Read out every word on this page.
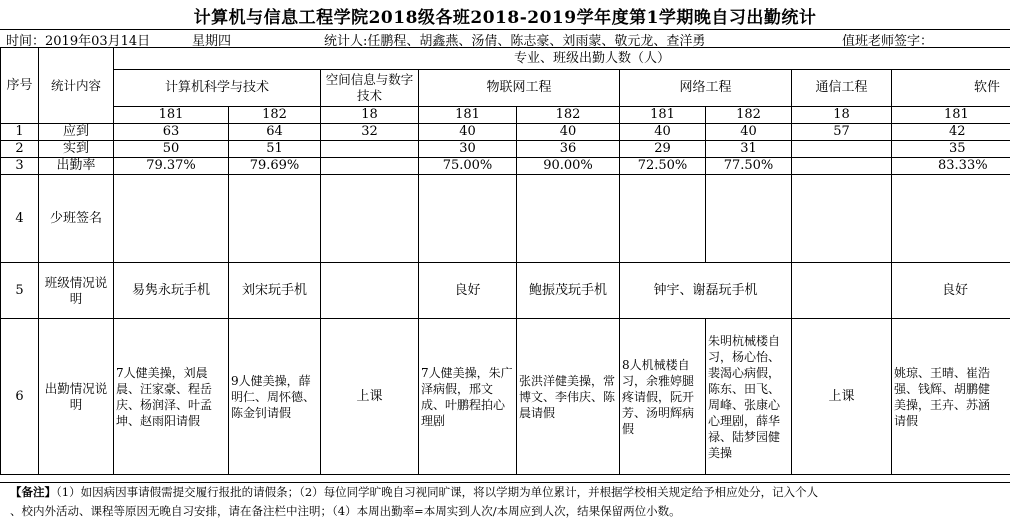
计算机与信息工程学院2018级各班2018-2019学年度第1学期晚自习出勤统计
时间：2019年03月14日	星期四	统计人:任鹏程、胡鑫燕、汤倩、陈志豪、刘雨蒙、敬元龙、查洋勇	值班老师签字：
序号	统计内容	专业、班级出勤人数（人）								
		计算机科学与技术		空间信息与数字技术	物联网工程		网络工程		通信工程	软件
		181	182	18	181	182	181	182	18	181
1	应到	63	64	32	40	40	40	40	57	42
2	实到	50	51		30	36	29	31		35
3	出勤率	79.37%	79.69%		75.00%	90.00%	72.50%	77.50%		83.33%
4	少班签名									
5	班级情况说明	易隽永玩手机	刘宋玩手机		良好	鲍振茂玩手机	钟宇、谢磊玩手机			良好
6	出勤情况说明	7人健美操，刘晨晨、汪家豪、程岳庆、杨润泽、叶孟坤、赵雨阳请假	9人健美操，薛明仁、周怀德、陈金钊请假	上课	7人健美操，朱广泽病假，邢文成、叶鹏程拍心理剧	张洪洋健美操，常博文、李伟庆、陈晨请假	8人机械楼自习，余雅婷腿疼请假，阮开芳、汤明辉病假	朱明杭械楼自习，杨心怡、裴渴心病假，陈东、田飞、周峰、张康心心理剧，薛华禄、陆梦园健美操	上课	姚琼、王晴、崔浩强、钱辉、胡鹏健美操，王卉、苏涵请假
【备注】（1）如因病因事请假需提交履行报批的请假条；（2）每位同学旷晚自习视同旷课，将以学期为单位累计，并根据学校相关规定给予相应处分，记入个人
、校内外活动、课程等原因无晚自习安排，请在备注栏中注明；（4）本周出勤率=本周实到人次/本周应到人次，结果保留两位小数。
